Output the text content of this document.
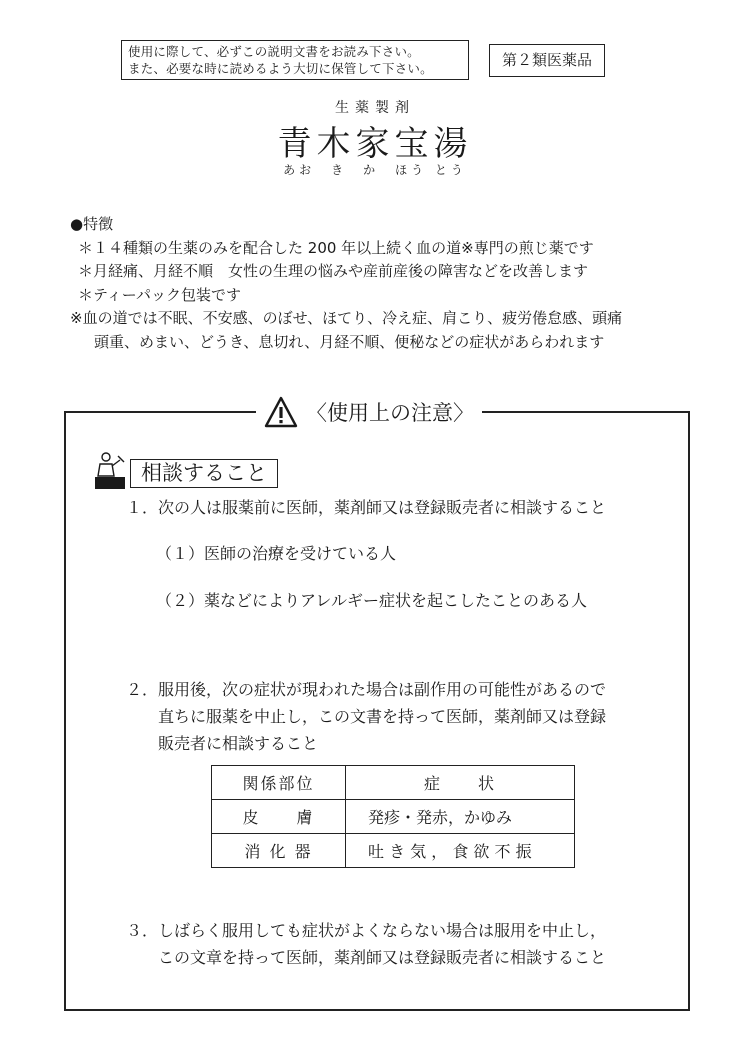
使用に際して、必ずこの説明文書をお読み下さい。
また、必要な時に読めるよう大切に保管して下さい。	第２類医薬品
生薬製剤
青木家宝湯
あお　き　か　ほう とう
●特徴
＊１４種類の生薬のみを配合した 200 年以上続く血の道※専門の煎じ薬です
＊月経痛、月経不順　女性の生理の悩みや産前産後の障害などを改善します
＊ティーパック包装です
※血の道では不眠、不安感、のぼせ、ほてり、冷え症、肩こり、疲労倦怠感、頭痛
頭重、めまい、どうき、息切れ、月経不順、便秘などの症状があらわれます
〈使用上の注意〉
相談すること
１．次の人は服薬前に医師，薬剤師又は登録販売者に相談すること
（１）医師の治療を受けている人
（２）薬などによりアレルギー症状を起こしたことのある人
２．服用後，次の症状が現われた場合は副作用の可能性があるので
直ちに服薬を中止し，この文書を持って医師，薬剤師又は登録
販売者に相談すること
関係部位	症　　状
皮　　膚	発疹・発赤，かゆみ
消 化 器	吐 き 気 ， 食 欲 不 振
３．しばらく服用しても症状がよくならない場合は服用を中止し，
この文章を持って医師，薬剤師又は登録販売者に相談すること
